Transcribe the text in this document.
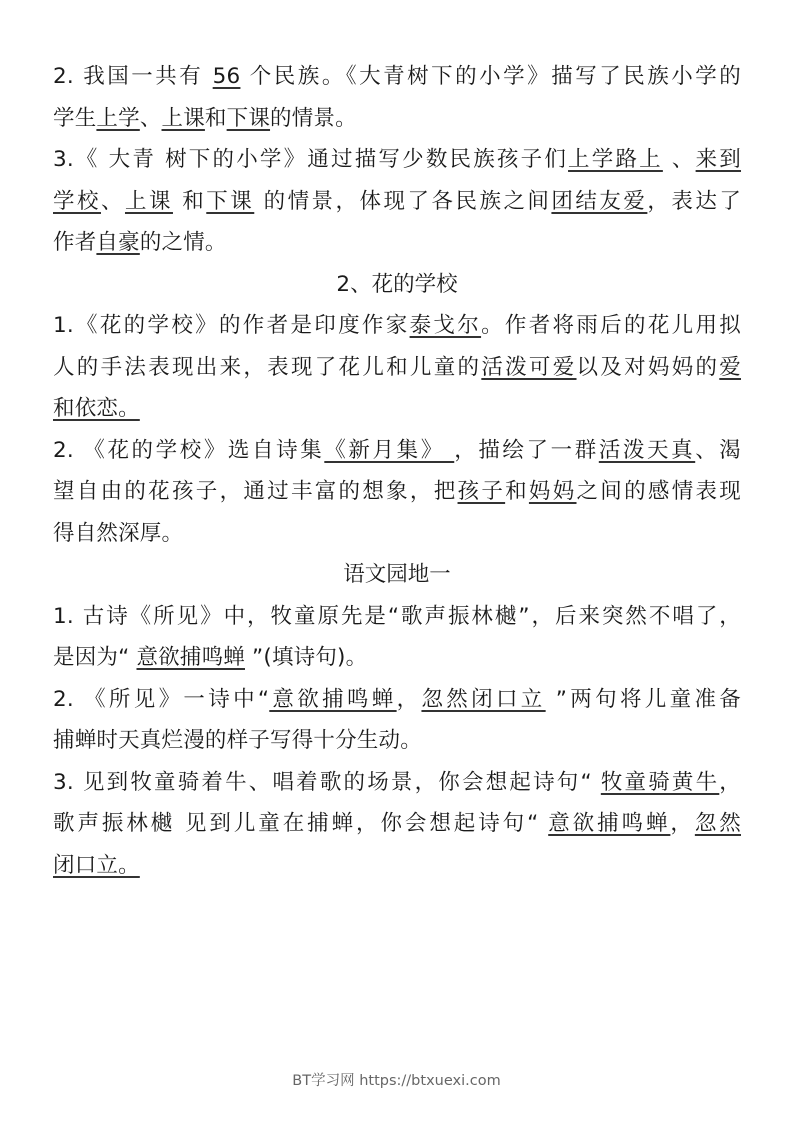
2. 我国一共有 56 个民族。《大青树下的小学》描写了民族小学的
学生上学、上课和下课的情景。
3.《 大青 树下的小学》通过描写少数民族孩子们上学路上 、来到
学校、上课 和下课 的情景，体现了各民族之间团结友爱，表达了
作者自豪的之情。
2、花的学校
1.《花的学校》的作者是印度作家泰戈尔。作者将雨后的花儿用拟
人的手法表现出来，表现了花儿和儿童的活泼可爱以及对妈妈的爱
和依恋。
2. 《花的学校》选自诗集《新月集》 ，描绘了一群活泼天真、渴
望自由的花孩子，通过丰富的想象，把孩子和妈妈之间的感情表现
得自然深厚。
语文园地一
1. 古诗《所见》中，牧童原先是“歌声振林樾”，后来突然不唱了，
是因为“ 意欲捕鸣蝉 ”(填诗句)。
2. 《所见》一诗中“意欲捕鸣蝉，忽然闭口立 ”两句将儿童准备
捕蝉时天真烂漫的样子写得十分生动。
3. 见到牧童骑着牛、唱着歌的场景，你会想起诗句“ 牧童骑黄牛，
歌声振林樾 见到儿童在捕蝉，你会想起诗句“ 意欲捕鸣蝉，忽然
闭口立。
BT学习网 https://btxuexi.com
